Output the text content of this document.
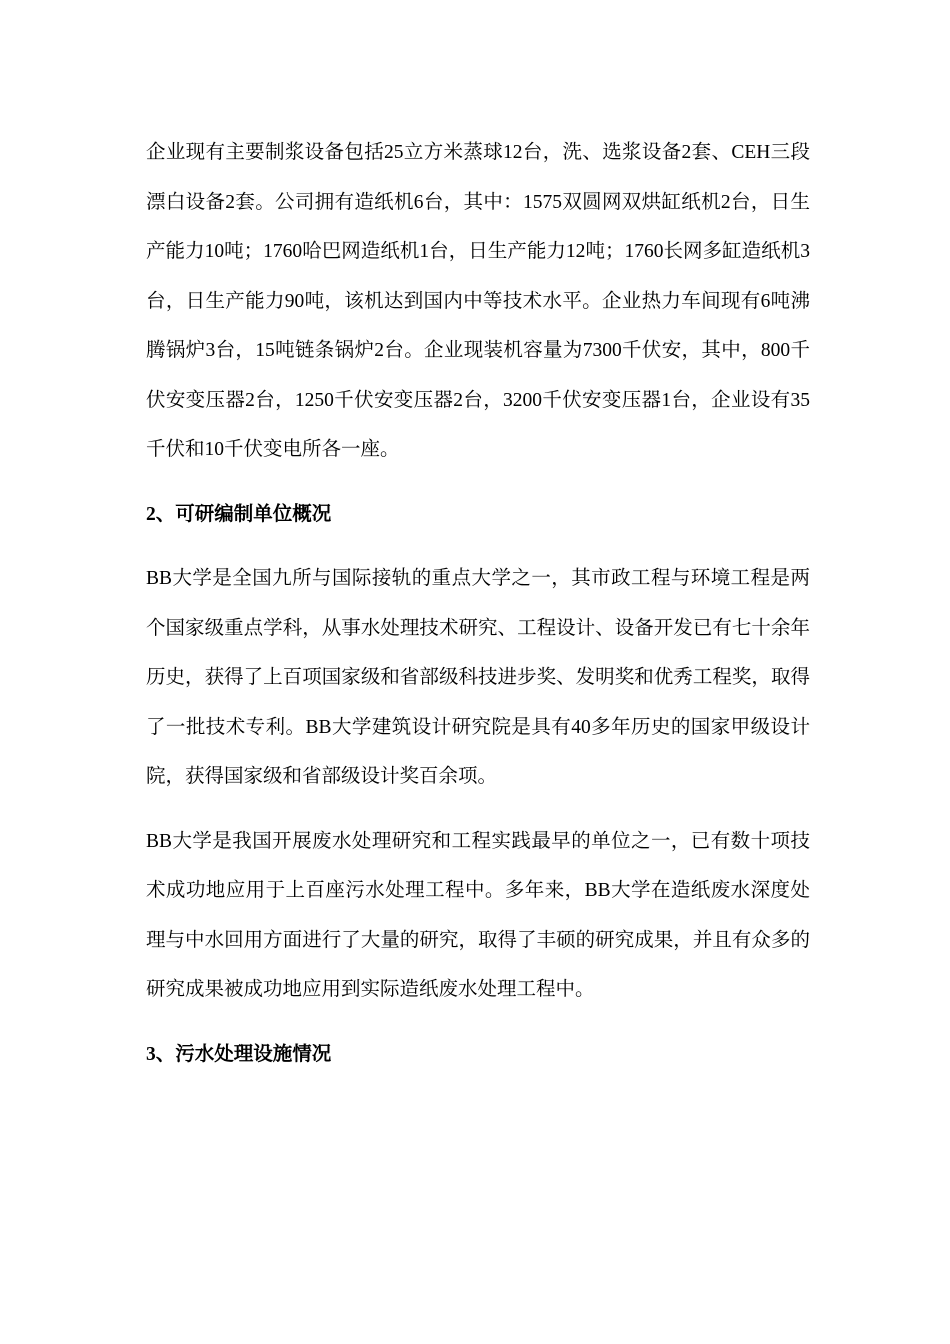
企业现有主要制浆设备包括25立方米蒸球12台，洗、选浆设备2套、CEH三段漂白设备2套。公司拥有造纸机6台，其中：1575双圆网双烘缸纸机2台，日生产能力10吨；1760哈巴网造纸机1台，日生产能力12吨；1760长网多缸造纸机3台，日生产能力90吨，该机达到国内中等技术水平。企业热力车间现有6吨沸腾锅炉3台，15吨链条锅炉2台。企业现装机容量为7300千伏安，其中，800千伏安变压器2台，1250千伏安变压器2台，3200千伏安变压器1台，企业设有35千伏和10千伏变电所各一座。

2、可研编制单位概况

BB大学是全国九所与国际接轨的重点大学之一，其市政工程与环境工程是两个国家级重点学科，从事水处理技术研究、工程设计、设备开发已有七十余年历史，获得了上百项国家级和省部级科技进步奖、发明奖和优秀工程奖，取得了一批技术专利。BB大学建筑设计研究院是具有40多年历史的国家甲级设计院，获得国家级和省部级设计奖百余项。

BB大学是我国开展废水处理研究和工程实践最早的单位之一，已有数十项技术成功地应用于上百座污水处理工程中。多年来，BB大学在造纸废水深度处理与中水回用方面进行了大量的研究，取得了丰硕的研究成果，并且有众多的研究成果被成功地应用到实际造纸废水处理工程中。

3、污水处理设施情况
